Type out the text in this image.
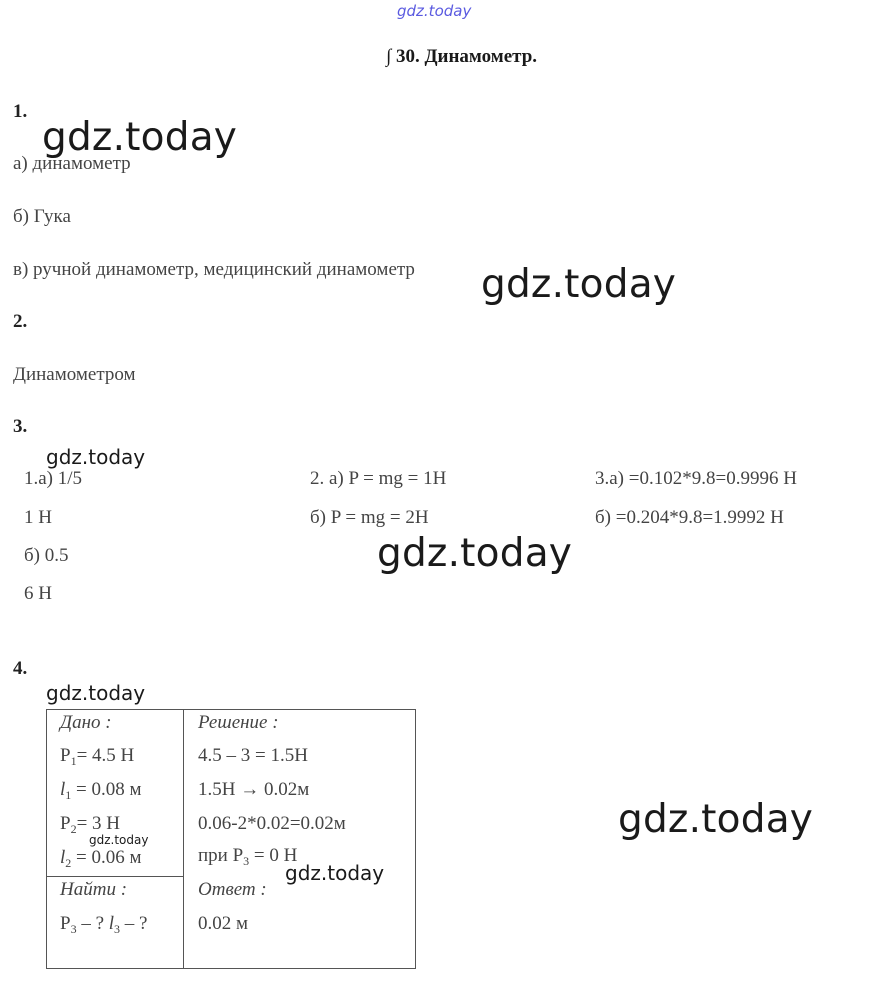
gdz.today
∫ 30. Динамометр.
1.
gdz.today
а) динамометр
б) Гука
в) ручной динамометр, медицинский динамометр gdz.today
2.
Динамометром
3.
gdz.today
1.а) 1/5
1 Н
б) 0.5
6 Н
2. а) P = mg = 1Н
б) P = mg = 2Н
3.а) =0.102*9.8=0.9996 Н
б) =0.204*9.8=1.9992 Н
gdz.today
4.
gdz.today
Дано :
$P_1= 4.5$ Н
$l_1 = 0.08$ м
$P_2= 3$ Н
gdz.today
$l_2 = 0.06$ м
Найти :
$P_3$ – ? $l_3$ – ?
Решение :
4.5 – 3 = 1.5Н
1.5Н → 0.02м
0.06-2*0.02=0.02м
при $P_3 = 0$ Н
gdz.today
Ответ :
0.02 м
gdz.today
